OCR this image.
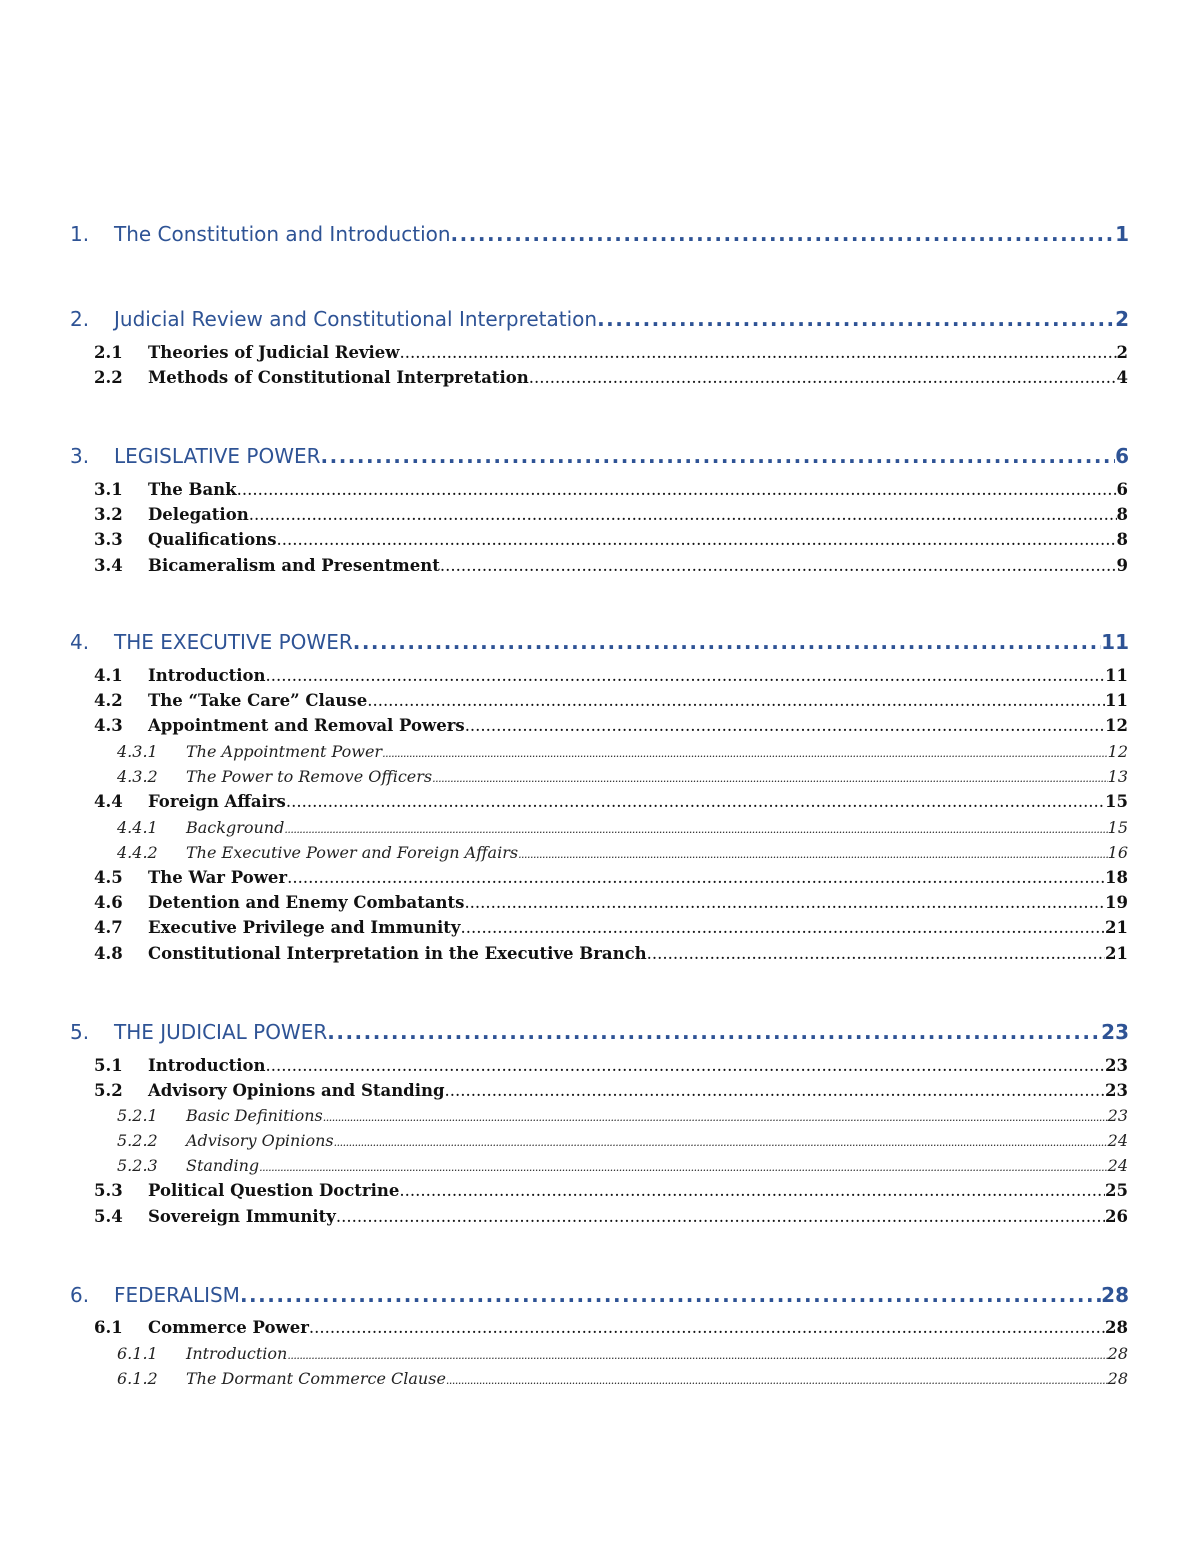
1.	The Constitution and Introduction .....	1
2.	Judicial Review and Constitutional Interpretation .....	2
2.1	Theories of Judicial Review .....	2
2.2	Methods of Constitutional Interpretation .....	4
3.	LEGISLATIVE POWER .....	6
3.1	The Bank .....	6
3.2	Delegation .....	8
3.3	Qualifications .....	8
3.4	Bicameralism and Presentment .....	9
4.	THE EXECUTIVE POWER .....	11
4.1	Introduction .....	11
4.2	The “Take Care” Clause .....	11
4.3	Appointment and Removal Powers .....	12
4.3.1	The Appointment Power .....	12
4.3.2	The Power to Remove Officers .....	13
4.4	Foreign Affairs .....	15
4.4.1	Background .....	15
4.4.2	The Executive Power and Foreign Affairs .....	16
4.5	The War Power .....	18
4.6	Detention and Enemy Combatants .....	19
4.7	Executive Privilege and Immunity .....	21
4.8	Constitutional Interpretation in the Executive Branch .....	21
5.	THE JUDICIAL POWER .....	23
5.1	Introduction .....	23
5.2	Advisory Opinions and Standing .....	23
5.2.1	Basic Definitions .....	23
5.2.2	Advisory Opinions .....	24
5.2.3	Standing .....	24
5.3	Political Question Doctrine .....	25
5.4	Sovereign Immunity .....	26
6.	FEDERALISM .....	28
6.1	Commerce Power .....	28
6.1.1	Introduction .....	28
6.1.2	The Dormant Commerce Clause .....	28
